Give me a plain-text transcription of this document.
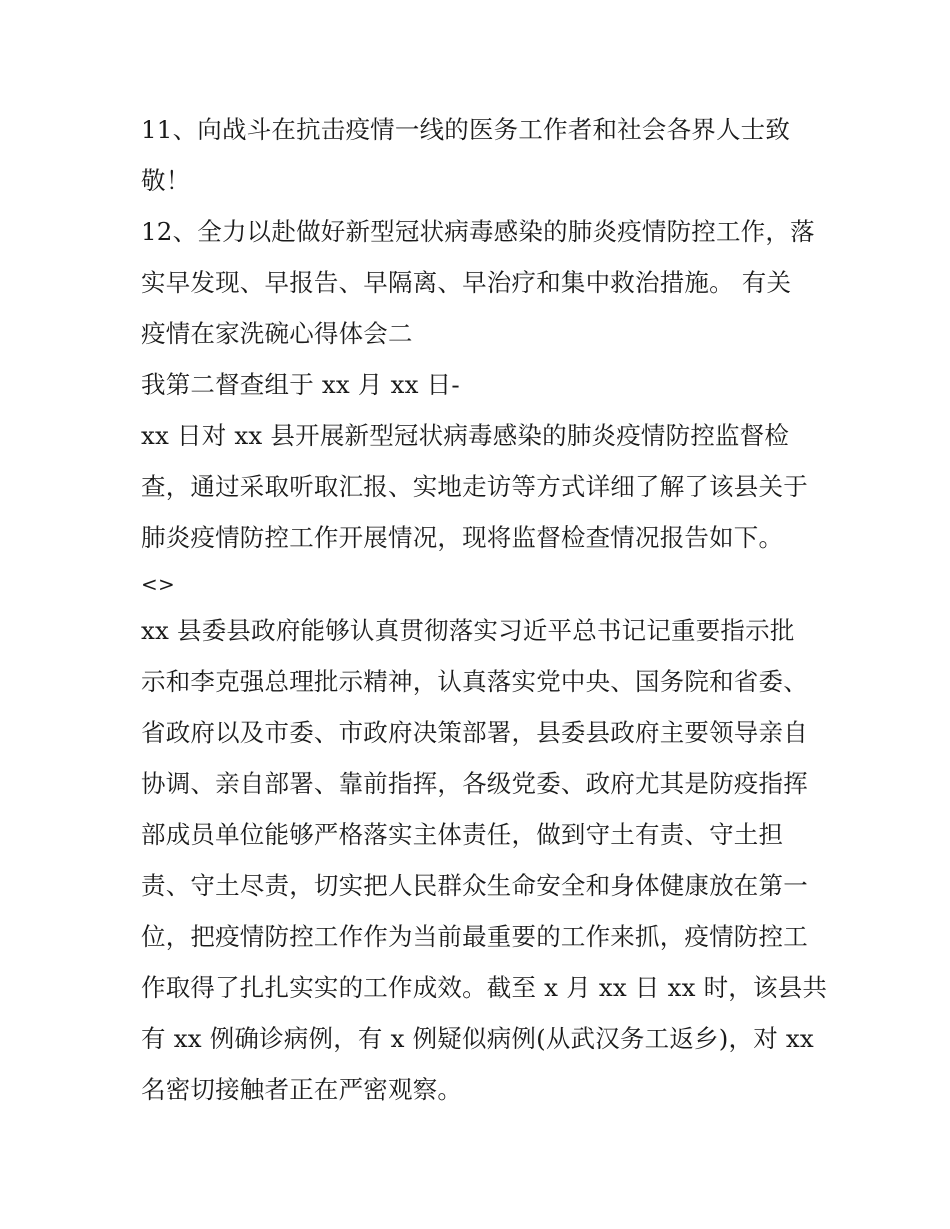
11、向战斗在抗击疫情一线的医务工作者和社会各界人士致
敬！
12、全力以赴做好新型冠状病毒感染的肺炎疫情防控工作，落
实早发现、早报告、早隔离、早治疗和集中救治措施。 有关
疫情在家洗碗心得体会二
我第二督查组于 xx 月 xx 日-
xx 日对 xx 县开展新型冠状病毒感染的肺炎疫情防控监督检
查，通过采取听取汇报、实地走访等方式详细了解了该县关于
肺炎疫情防控工作开展情况，现将监督检查情况报告如下。
<>
xx 县委县政府能够认真贯彻落实习近平总书记记重要指示批
示和李克强总理批示精神，认真落实党中央、国务院和省委、
省政府以及市委、市政府决策部署，县委县政府主要领导亲自
协调、亲自部署、靠前指挥，各级党委、政府尤其是防疫指挥
部成员单位能够严格落实主体责任，做到守土有责、守土担
责、守土尽责，切实把人民群众生命安全和身体健康放在第一
位，把疫情防控工作作为当前最重要的工作来抓，疫情防控工
作取得了扎扎实实的工作成效。截至 x 月 xx 日 xx 时，该县共
有 xx 例确诊病例，有 x 例疑似病例(从武汉务工返乡)，对 xx
名密切接触者正在严密观察。
